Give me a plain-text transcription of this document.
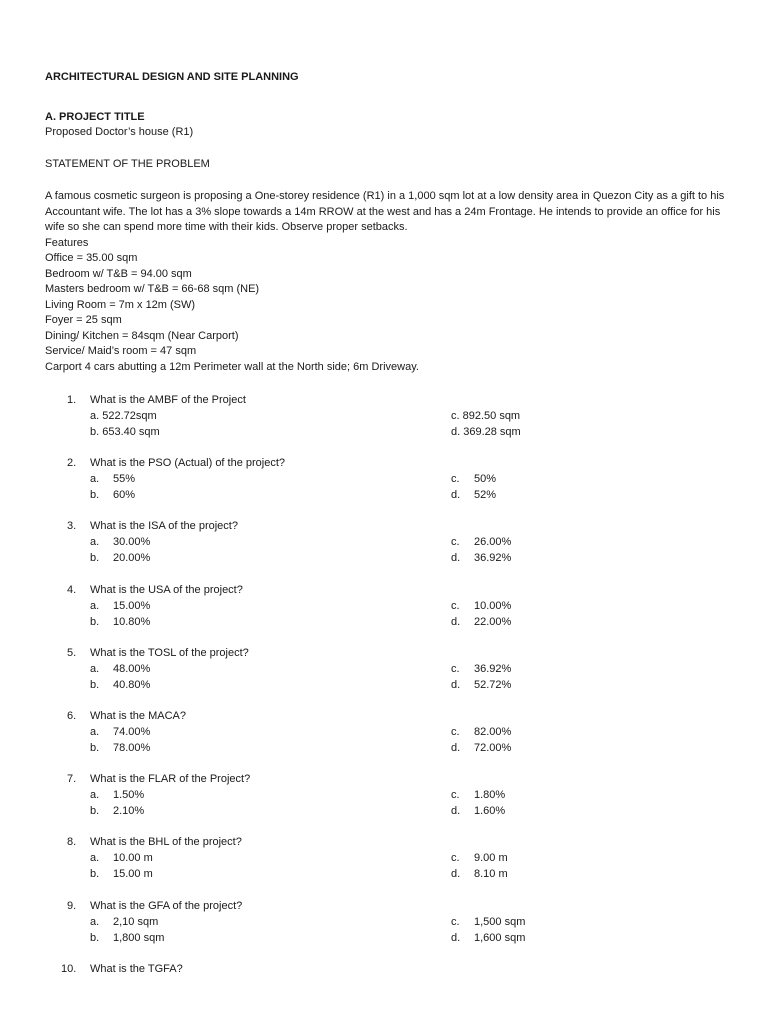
ARCHITECTURAL DESIGN AND SITE PLANNING
A. PROJECT TITLE
Proposed Doctor’s house (R1)
STATEMENT OF THE PROBLEM

A famous cosmetic surgeon is proposing a One-storey residence (R1) in a 1,000 sqm lot at a low density area in Quezon City as a gift to his Accountant wife. The lot has a 3% slope towards a 14m RROW at the west and has a 24m Frontage. He intends to provide an office for his wife so she can spend more time with their kids. Observe proper setbacks.

Features
Office = 35.00 sqm
Bedroom w/ T&B = 94.00 sqm
Masters bedroom w/ T&B = 66-68 sqm (NE)
Living Room = 7m x 12m (SW)
Foyer = 25 sqm
Dining/ Kitchen = 84sqm (Near Carport)
Service/ Maid’s room = 47 sqm
Carport 4 cars abutting a 12m Perimeter wall at the North side; 6m Driveway.
1. What is the AMBF of the Project
a. 522.72sqm
b. 653.40 sqm
c. 892.50 sqm
d. 369.28 sqm
2. What is the PSO (Actual) of the project?
a. 55%
b. 60%
c. 50%
d. 52%
3. What is the ISA of the project?
a. 30.00%
b. 20.00%
c. 26.00%
d. 36.92%
4. What is the USA of the project?
a. 15.00%
b. 10.80%
c. 10.00%
d. 22.00%
5. What is the TOSL of the project?
a. 48.00%
b. 40.80%
c. 36.92%
d. 52.72%
6. What is the MACA?
a. 74.00%
b. 78.00%
c. 82.00%
d. 72.00%
7. What is the FLAR of the Project?
a. 1.50%
b. 2.10%
c. 1.80%
d. 1.60%
8. What is the BHL of the project?
a. 10.00 m
b. 15.00 m
c. 9.00 m
d. 8.10 m
9. What is the GFA of the project?
a. 2,10 sqm
b. 1,800 sqm
c. 1,500 sqm
d. 1,600 sqm
10. What is the TGFA?
